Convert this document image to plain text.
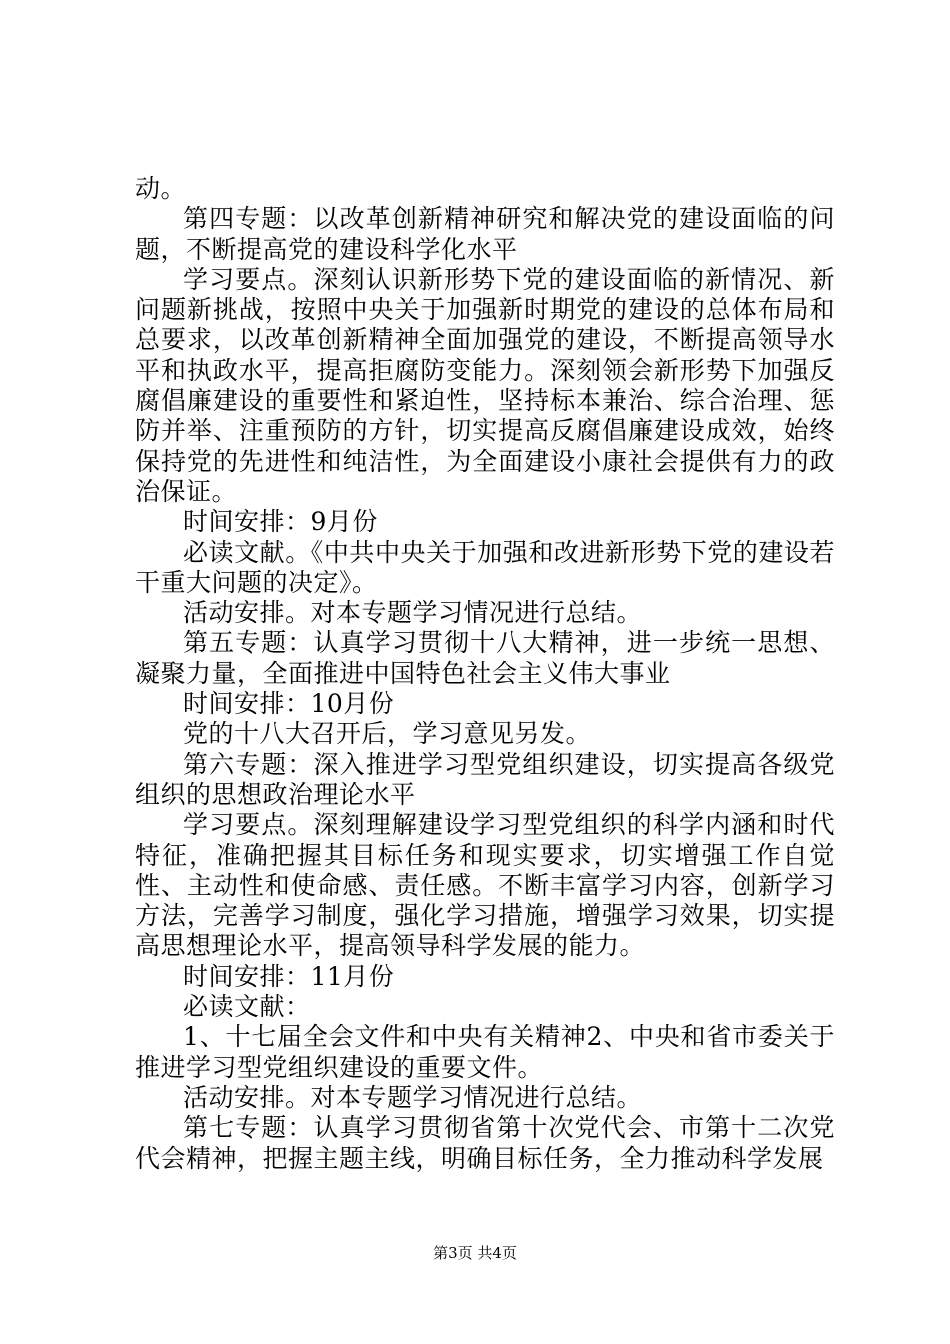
动。

第四专题：以改革创新精神研究和解决党的建设面临的问题，不断提高党的建设科学化水平

学习要点。深刻认识新形势下党的建设面临的新情况、新问题新挑战，按照中央关于加强新时期党的建设的总体布局和总要求，以改革创新精神全面加强党的建设，不断提高领导水平和执政水平，提高拒腐防变能力。深刻领会新形势下加强反腐倡廉建设的重要性和紧迫性，坚持标本兼治、综合治理、惩防并举、注重预防的方针，切实提高反腐倡廉建设成效，始终保持党的先进性和纯洁性，为全面建设小康社会提供有力的政治保证。

时间安排：9月份

必读文献。《中共中央关于加强和改进新形势下党的建设若干重大问题的决定》。

活动安排。对本专题学习情况进行总结。

第五专题：认真学习贯彻十八大精神，进一步统一思想、凝聚力量，全面推进中国特色社会主义伟大事业

时间安排：10月份

党的十八大召开后，学习意见另发。

第六专题：深入推进学习型党组织建设，切实提高各级党组织的思想政治理论水平

学习要点。深刻理解建设学习型党组织的科学内涵和时代特征，准确把握其目标任务和现实要求，切实增强工作自觉性、主动性和使命感、责任感。不断丰富学习内容，创新学习方法，完善学习制度，强化学习措施，增强学习效果，切实提高思想理论水平，提高领导科学发展的能力。

时间安排：11月份

必读文献：

1、十七届全会文件和中央有关精神2、中央和省市委关于推进学习型党组织建设的重要文件。

活动安排。对本专题学习情况进行总结。

第七专题：认真学习贯彻省第十次党代会、市第十二次党代会精神，把握主题主线，明确目标任务，全力推动科学发展

第3页 共4页
